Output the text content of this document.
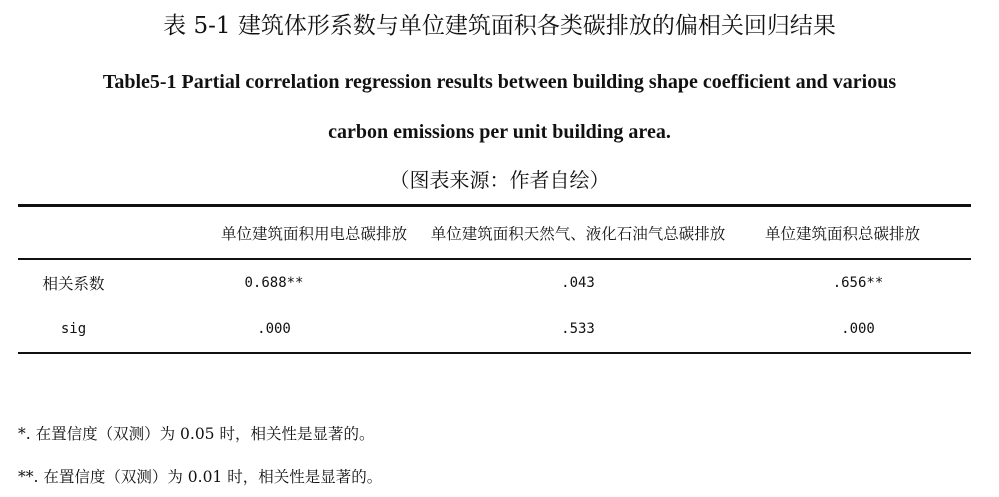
表 5-1 建筑体形系数与单位建筑面积各类碳排放的偏相关回归结果
Table5-1 Partial correlation regression results between building shape coefficient and various
carbon emissions per unit building area.
（图表来源：作者自绘）
	单位建筑面积用电总碳排放	单位建筑面积天然气、液化石油气总碳排放	单位建筑面积总碳排放
相关系数	0.688**	.043	.656**
sig	.000	.533	.000
*. 在置信度（双测）为 0.05 时，相关性是显著的。
**. 在置信度（双测）为 0.01 时，相关性是显著的。
